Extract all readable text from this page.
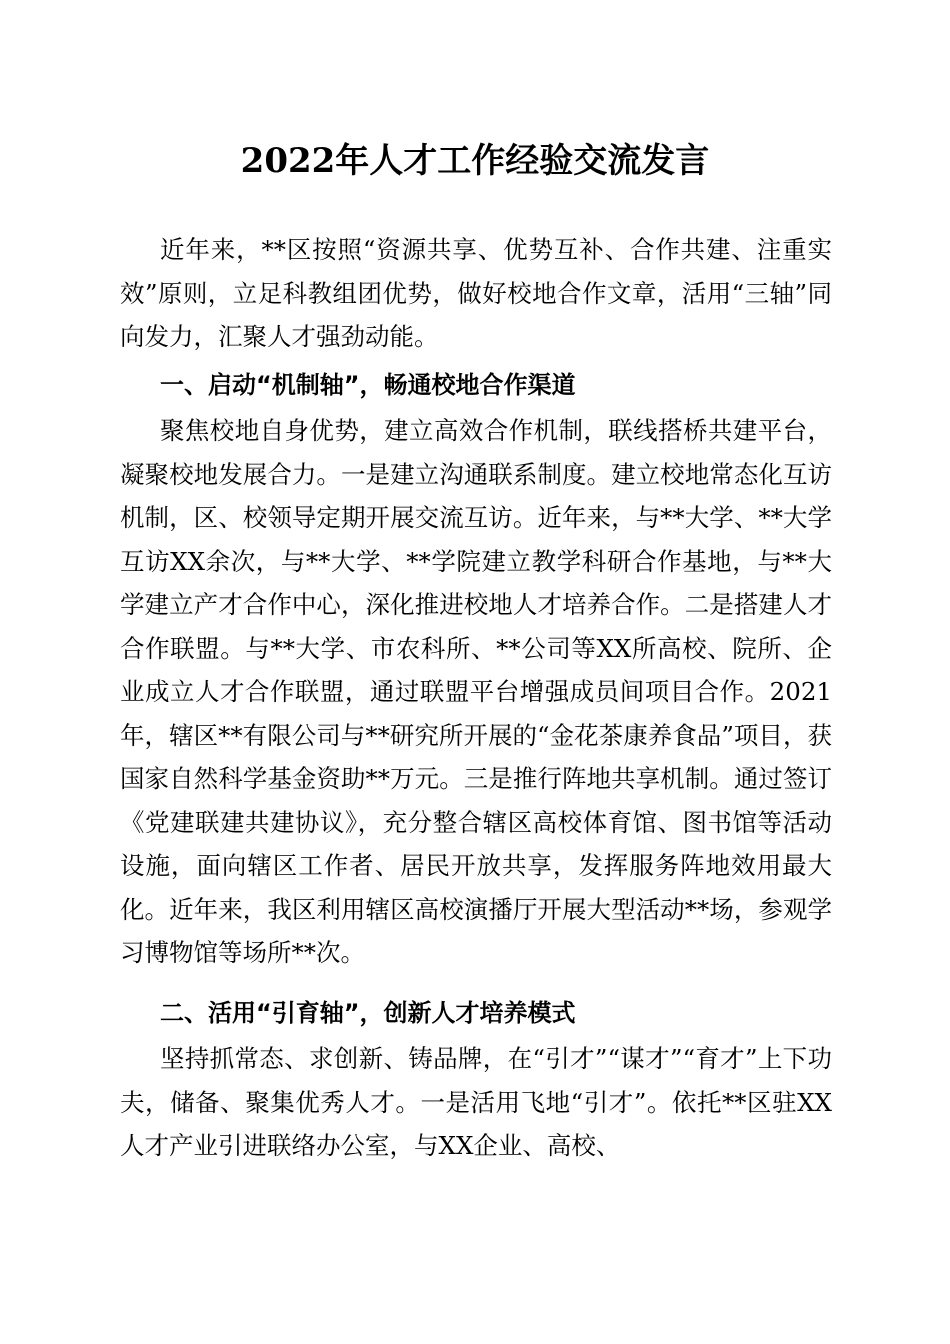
2022年人才工作经验交流发言

近年来，**区按照“资源共享、优势互补、合作共建、注重实效”原则，立足科教组团优势，做好校地合作文章，活用“三轴”同向发力，汇聚人才强劲动能。

一、启动“机制轴”，畅通校地合作渠道

聚焦校地自身优势，建立高效合作机制，联线搭桥共建平台，凝聚校地发展合力。一是建立沟通联系制度。建立校地常态化互访机制，区、校领导定期开展交流互访。近年来，与**大学、**大学互访XX余次，与**大学、**学院建立教学科研合作基地，与**大学建立产才合作中心，深化推进校地人才培养合作。二是搭建人才合作联盟。与**大学、市农科所、**公司等XX所高校、院所、企业成立人才合作联盟，通过联盟平台增强成员间项目合作。2021年，辖区**有限公司与**研究所开展的“金花茶康养食品”项目，获国家自然科学基金资助**万元。三是推行阵地共享机制。通过签订《党建联建共建协议》，充分整合辖区高校体育馆、图书馆等活动设施，面向辖区工作者、居民开放共享，发挥服务阵地效用最大化。近年来，我区利用辖区高校演播厅开展大型活动**场，参观学习博物馆等场所**次。

二、活用“引育轴”，创新人才培养模式

坚持抓常态、求创新、铸品牌，在“引才”“谋才”“育才”上下功夫，储备、聚集优秀人才。一是活用飞地“引才”。依托**区驻XX人才产业引进联络办公室，与XX企业、高校、
